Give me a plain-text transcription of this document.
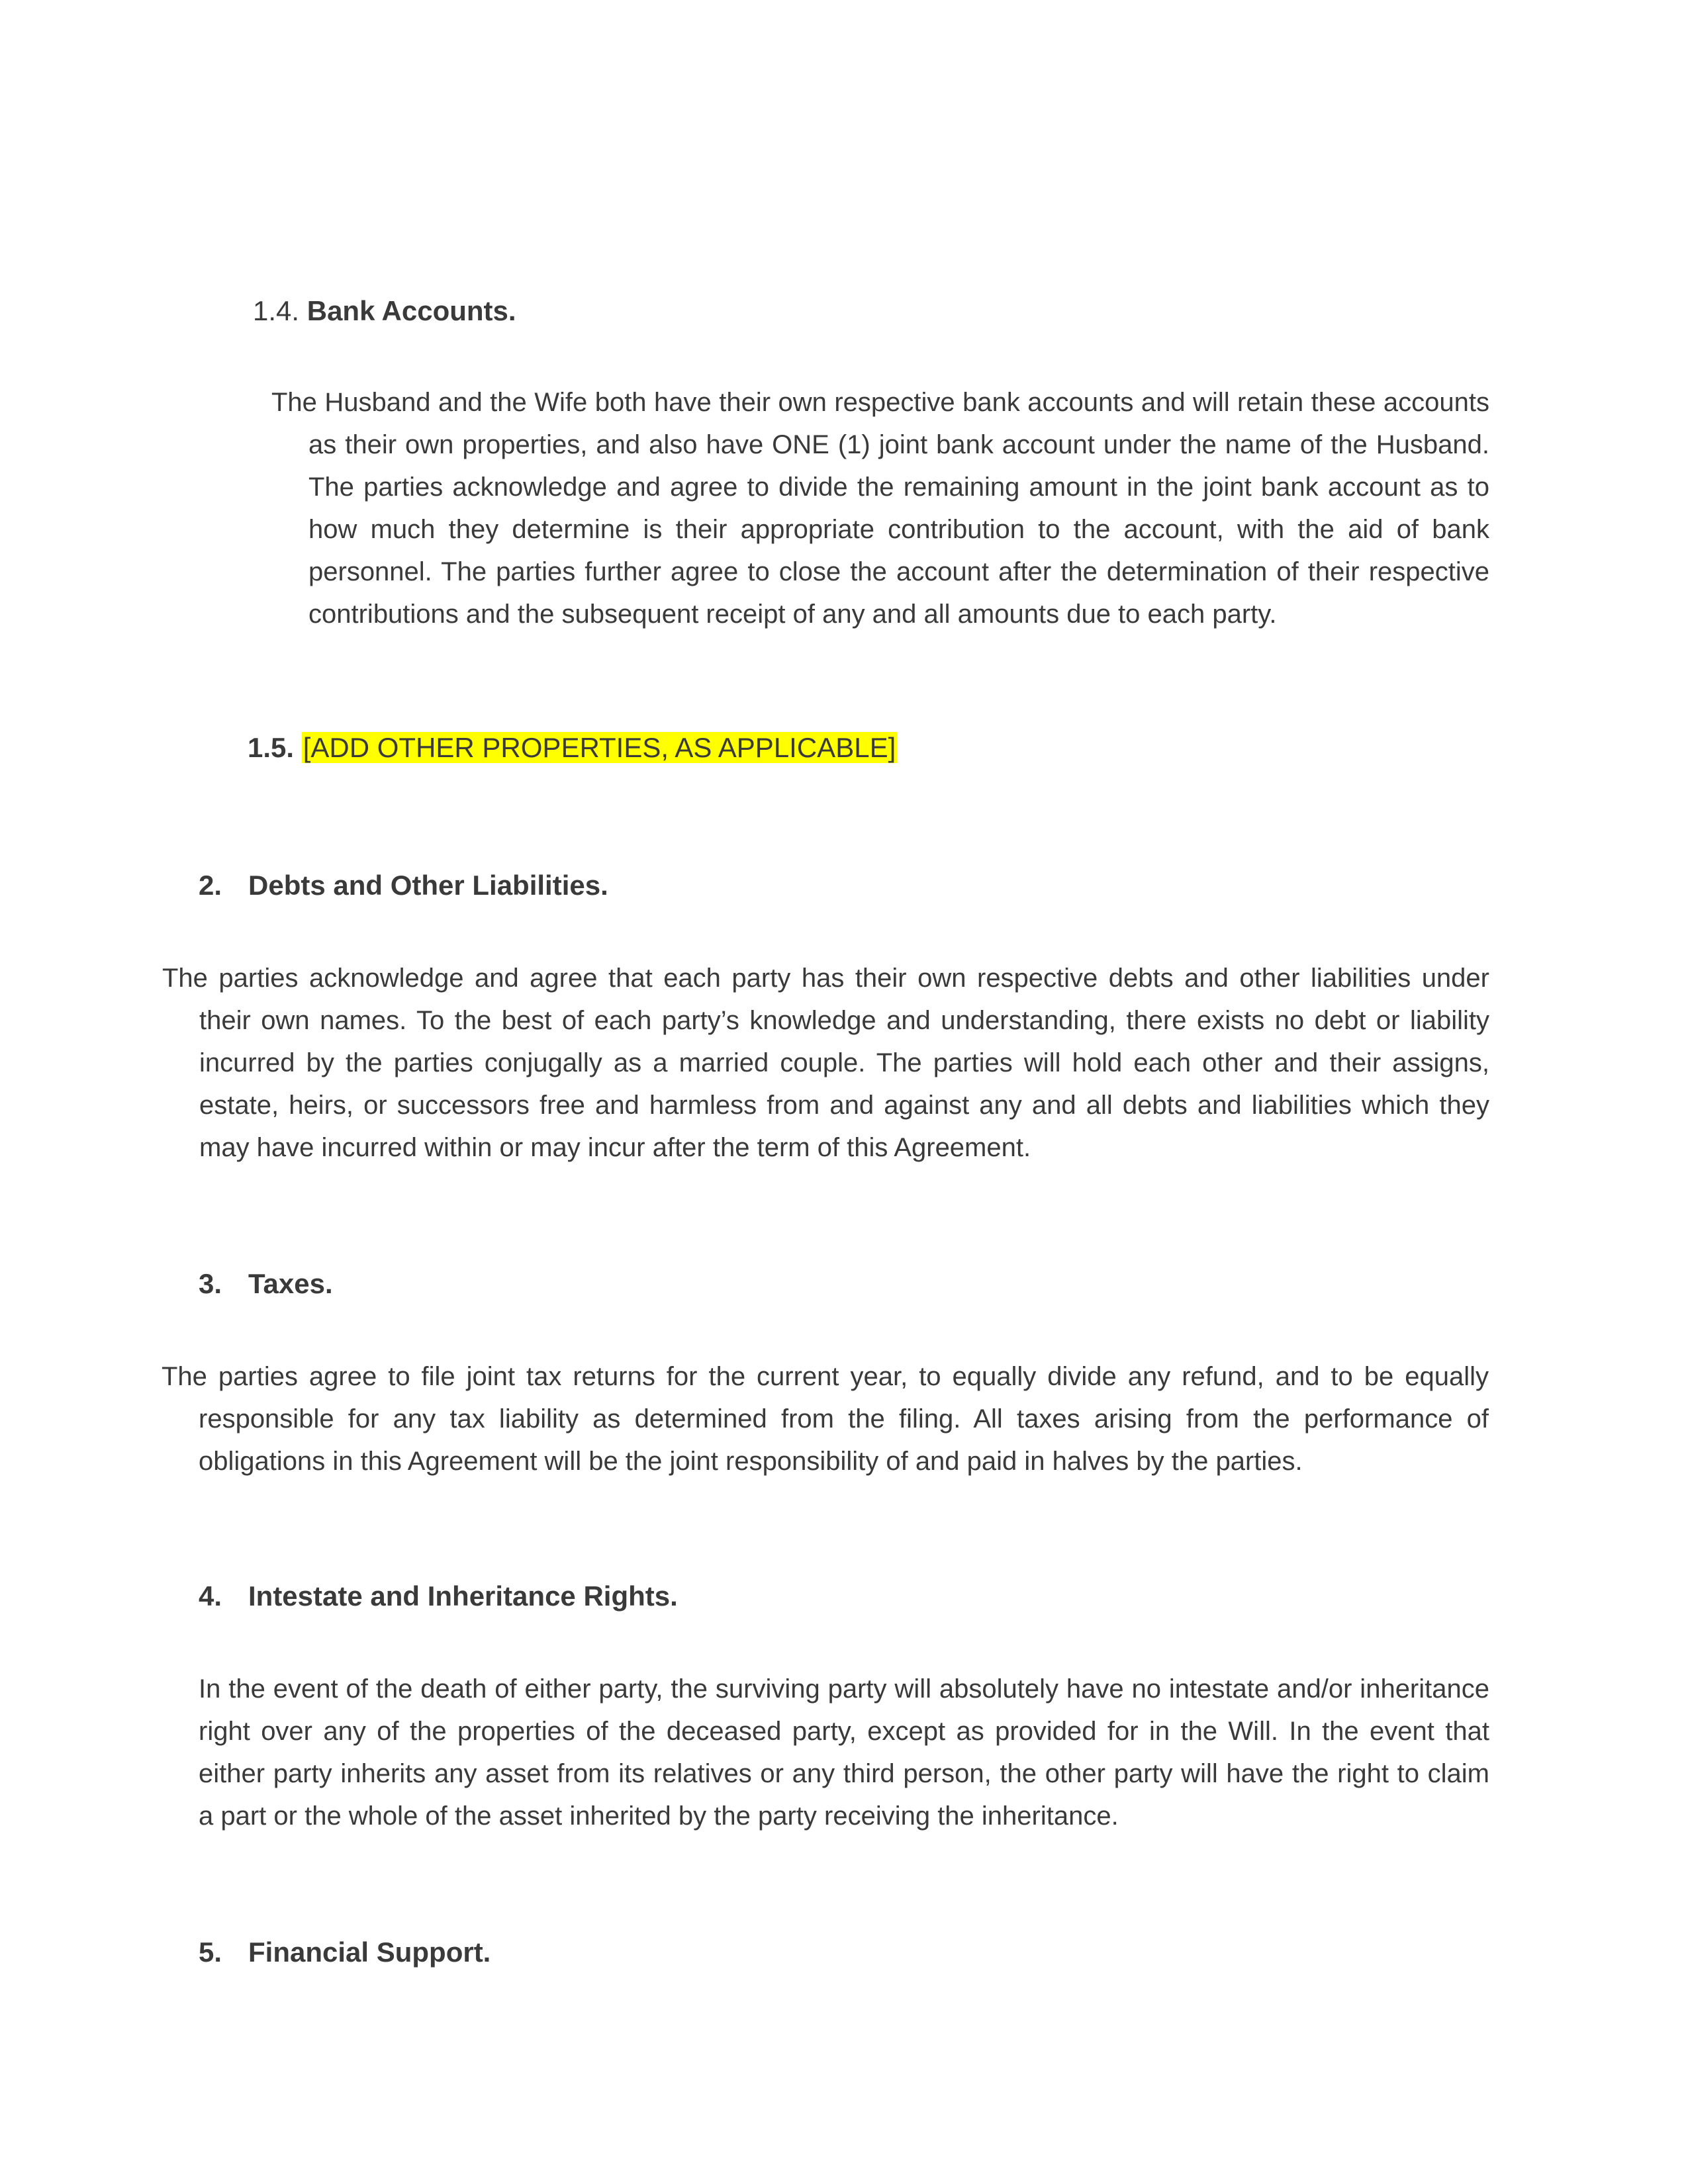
1.4. Bank Accounts.
The Husband and the Wife both have their own respective bank accounts and will retain these accounts as their own properties, and also have ONE (1) joint bank account under the name of the Husband. The parties acknowledge and agree to divide the remaining amount in the joint bank account as to how much they determine is their appropriate contribution to the account, with the aid of bank personnel. The parties further agree to close the account after the determination of their respective contributions and the subsequent receipt of any and all amounts due to each party.
1.5. [ADD OTHER PROPERTIES, AS APPLICABLE]
2. Debts and Other Liabilities.
The parties acknowledge and agree that each party has their own respective debts and other liabilities under their own names. To the best of each party’s knowledge and understanding, there exists no debt or liability incurred by the parties conjugally as a married couple. The parties will hold each other and their assigns, estate, heirs, or successors free and harmless from and against any and all debts and liabilities which they may have incurred within or may incur after the term of this Agreement.
3. Taxes.
The parties agree to file joint tax returns for the current year, to equally divide any refund, and to be equally responsible for any tax liability as determined from the filing. All taxes arising from the performance of obligations in this Agreement will be the joint responsibility of and paid in halves by the parties.
4. Intestate and Inheritance Rights.
In the event of the death of either party, the surviving party will absolutely have no intestate and/or inheritance right over any of the properties of the deceased party, except as provided for in the Will. In the event that either party inherits any asset from its relatives or any third person, the other party will have the right to claim a part or the whole of the asset inherited by the party receiving the inheritance.
5. Financial Support.
